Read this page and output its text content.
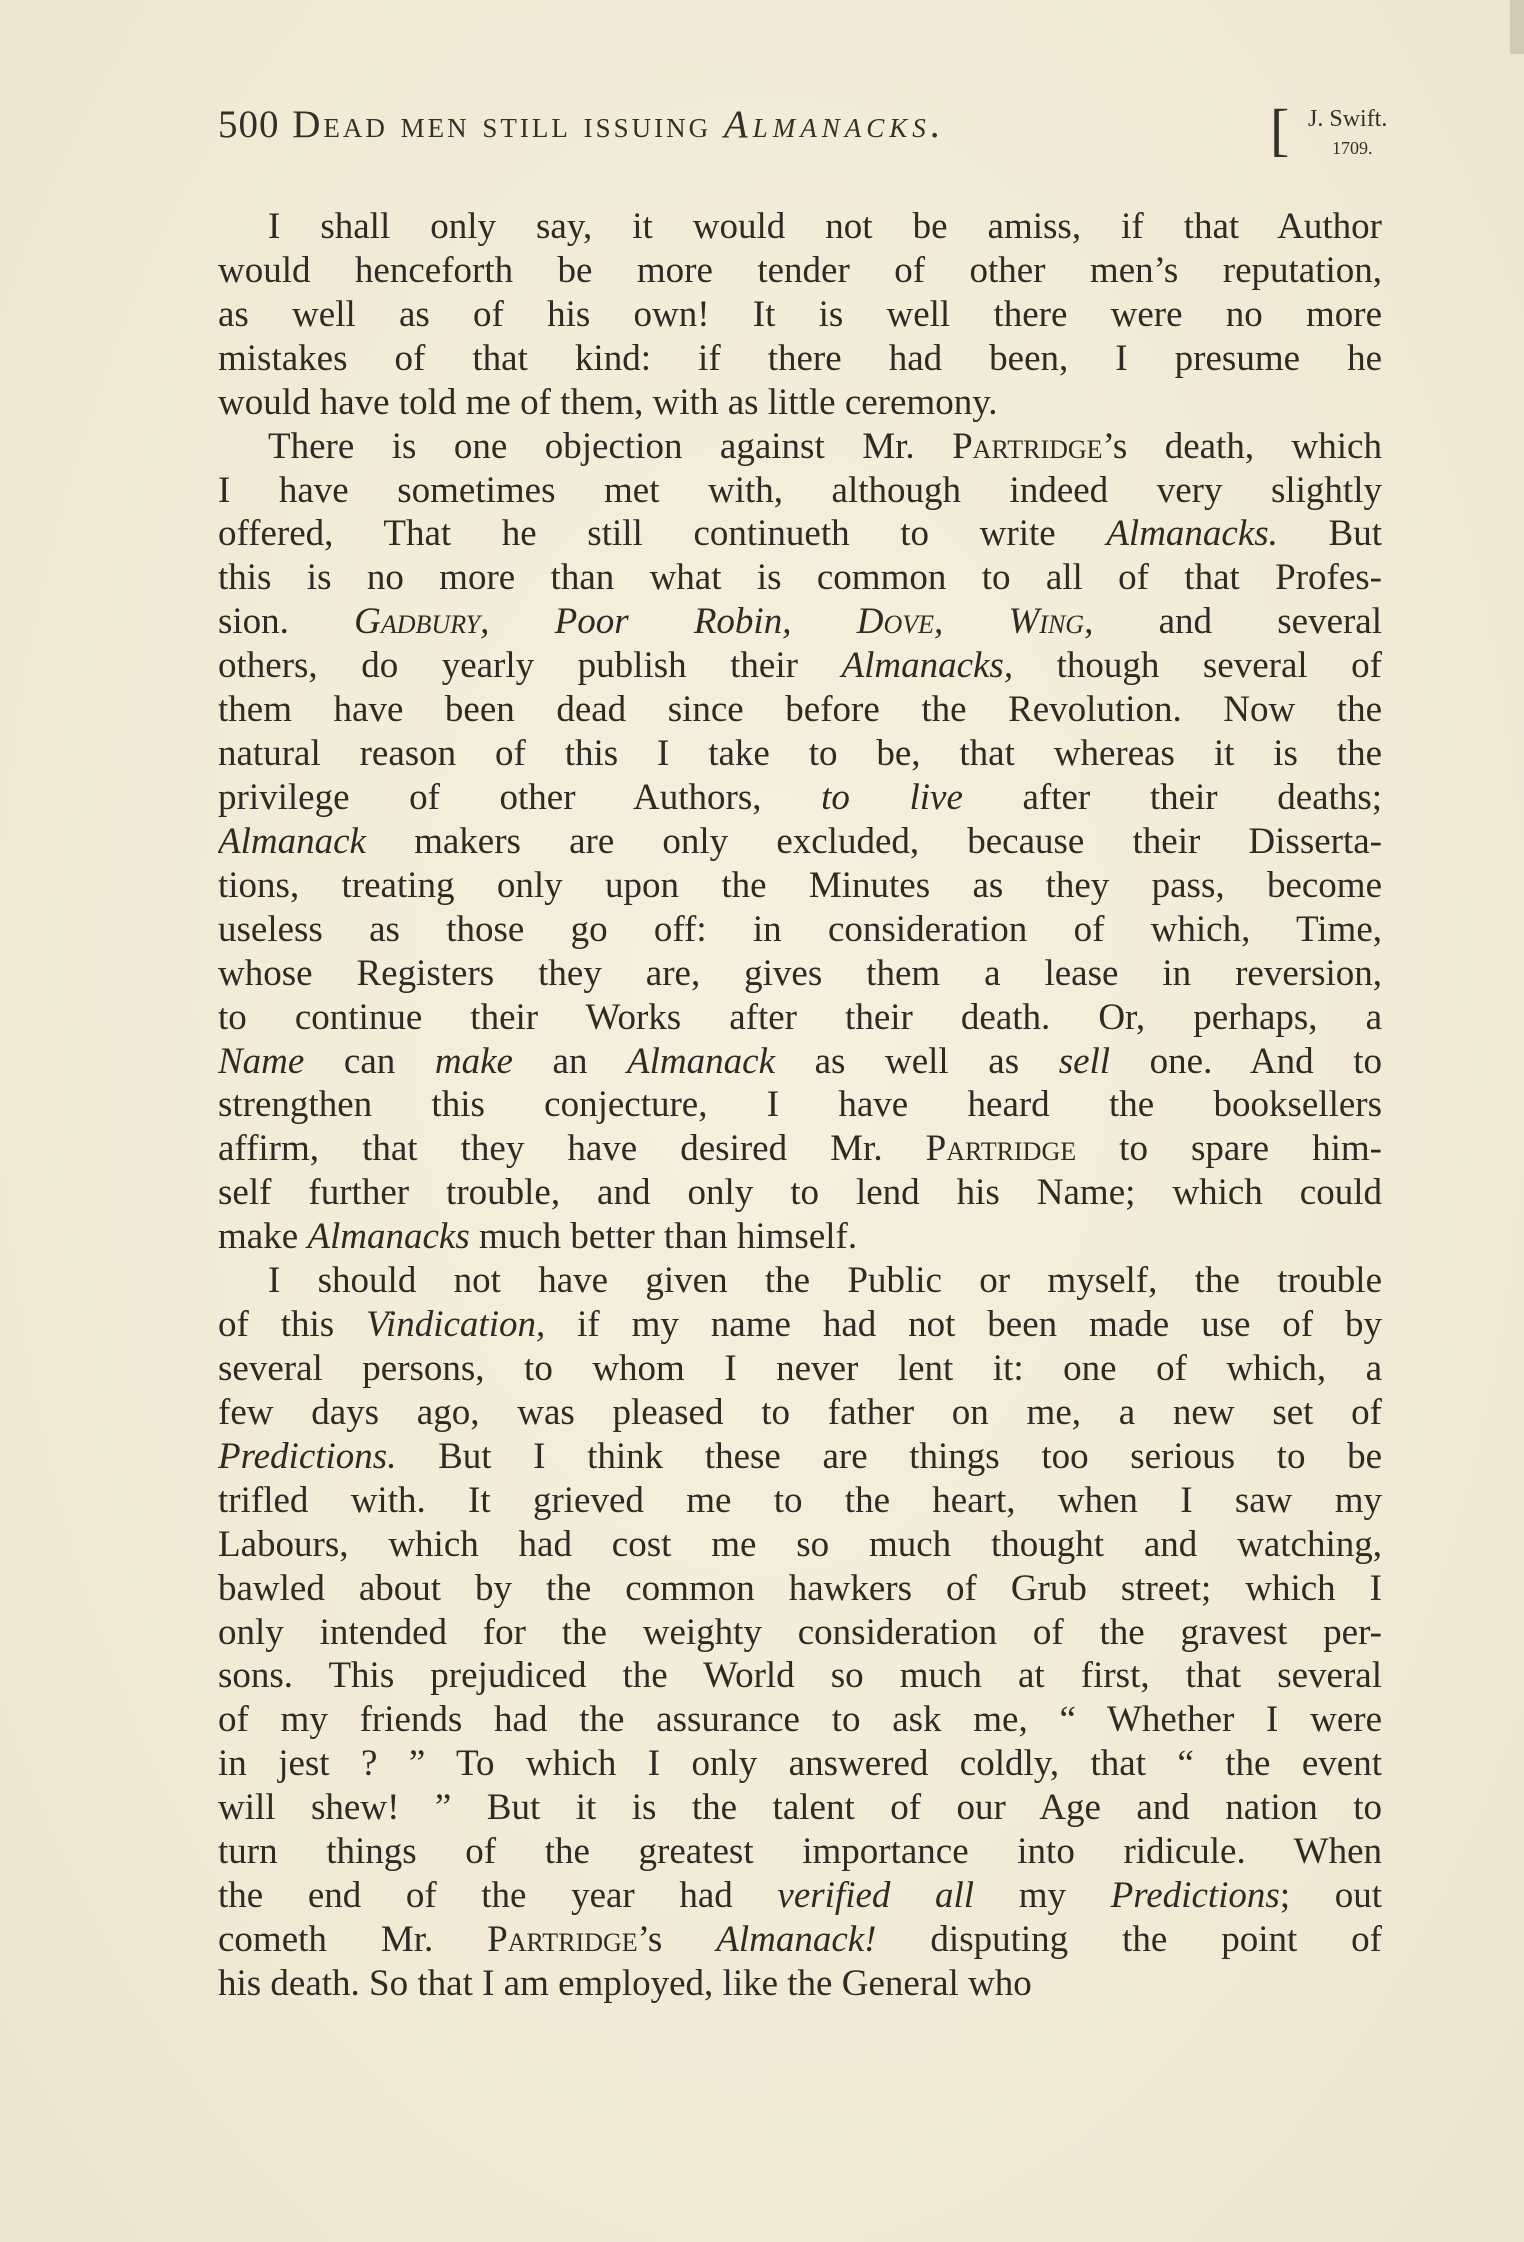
500 Dead men still issuing Almanacks.	[ J. Swift.
1709.
I shall only say, it would not be amiss, if that Author
would henceforth be more tender of other men’s reputation,
as well as of his own! It is well there were no more
mistakes of that kind: if there had been, I presume he
would have told me of them, with as little ceremony.
There is one objection against Mr. Partridge’s death, which
I have sometimes met with, although indeed very slightly
offered, That he still continueth to write Almanacks. But
this is no more than what is common to all of that Profes-
sion. Gadbury, Poor Robin, Dove, Wing, and several
others, do yearly publish their Almanacks, though several of
them have been dead since before the Revolution. Now the
natural reason of this I take to be, that whereas it is the
privilege of other Authors, to live after their deaths;
Almanack makers are only excluded, because their Disserta-
tions, treating only upon the Minutes as they pass, become
useless as those go off: in consideration of which, Time,
whose Registers they are, gives them a lease in reversion,
to continue their Works after their death. Or, perhaps, a
Name can make an Almanack as well as sell one. And to
strengthen this conjecture, I have heard the booksellers
affirm, that they have desired Mr. Partridge to spare him-
self further trouble, and only to lend his Name; which could
make Almanacks much better than himself.
I should not have given the Public or myself, the trouble
of this Vindication, if my name had not been made use of by
several persons, to whom I never lent it: one of which, a
few days ago, was pleased to father on me, a new set of
Predictions. But I think these are things too serious to be
trifled with. It grieved me to the heart, when I saw my
Labours, which had cost me so much thought and watching,
bawled about by the common hawkers of Grub street; which I
only intended for the weighty consideration of the gravest per-
sons. This prejudiced the World so much at first, that several
of my friends had the assurance to ask me, “ Whether I were
in jest ? ” To which I only answered coldly, that “ the event
will shew! ” But it is the talent of our Age and nation to
turn things of the greatest importance into ridicule. When
the end of the year had verified all my Predictions; out
cometh Mr. Partridge’s Almanack! disputing the point of
his death. So that I am employed, like the General who
